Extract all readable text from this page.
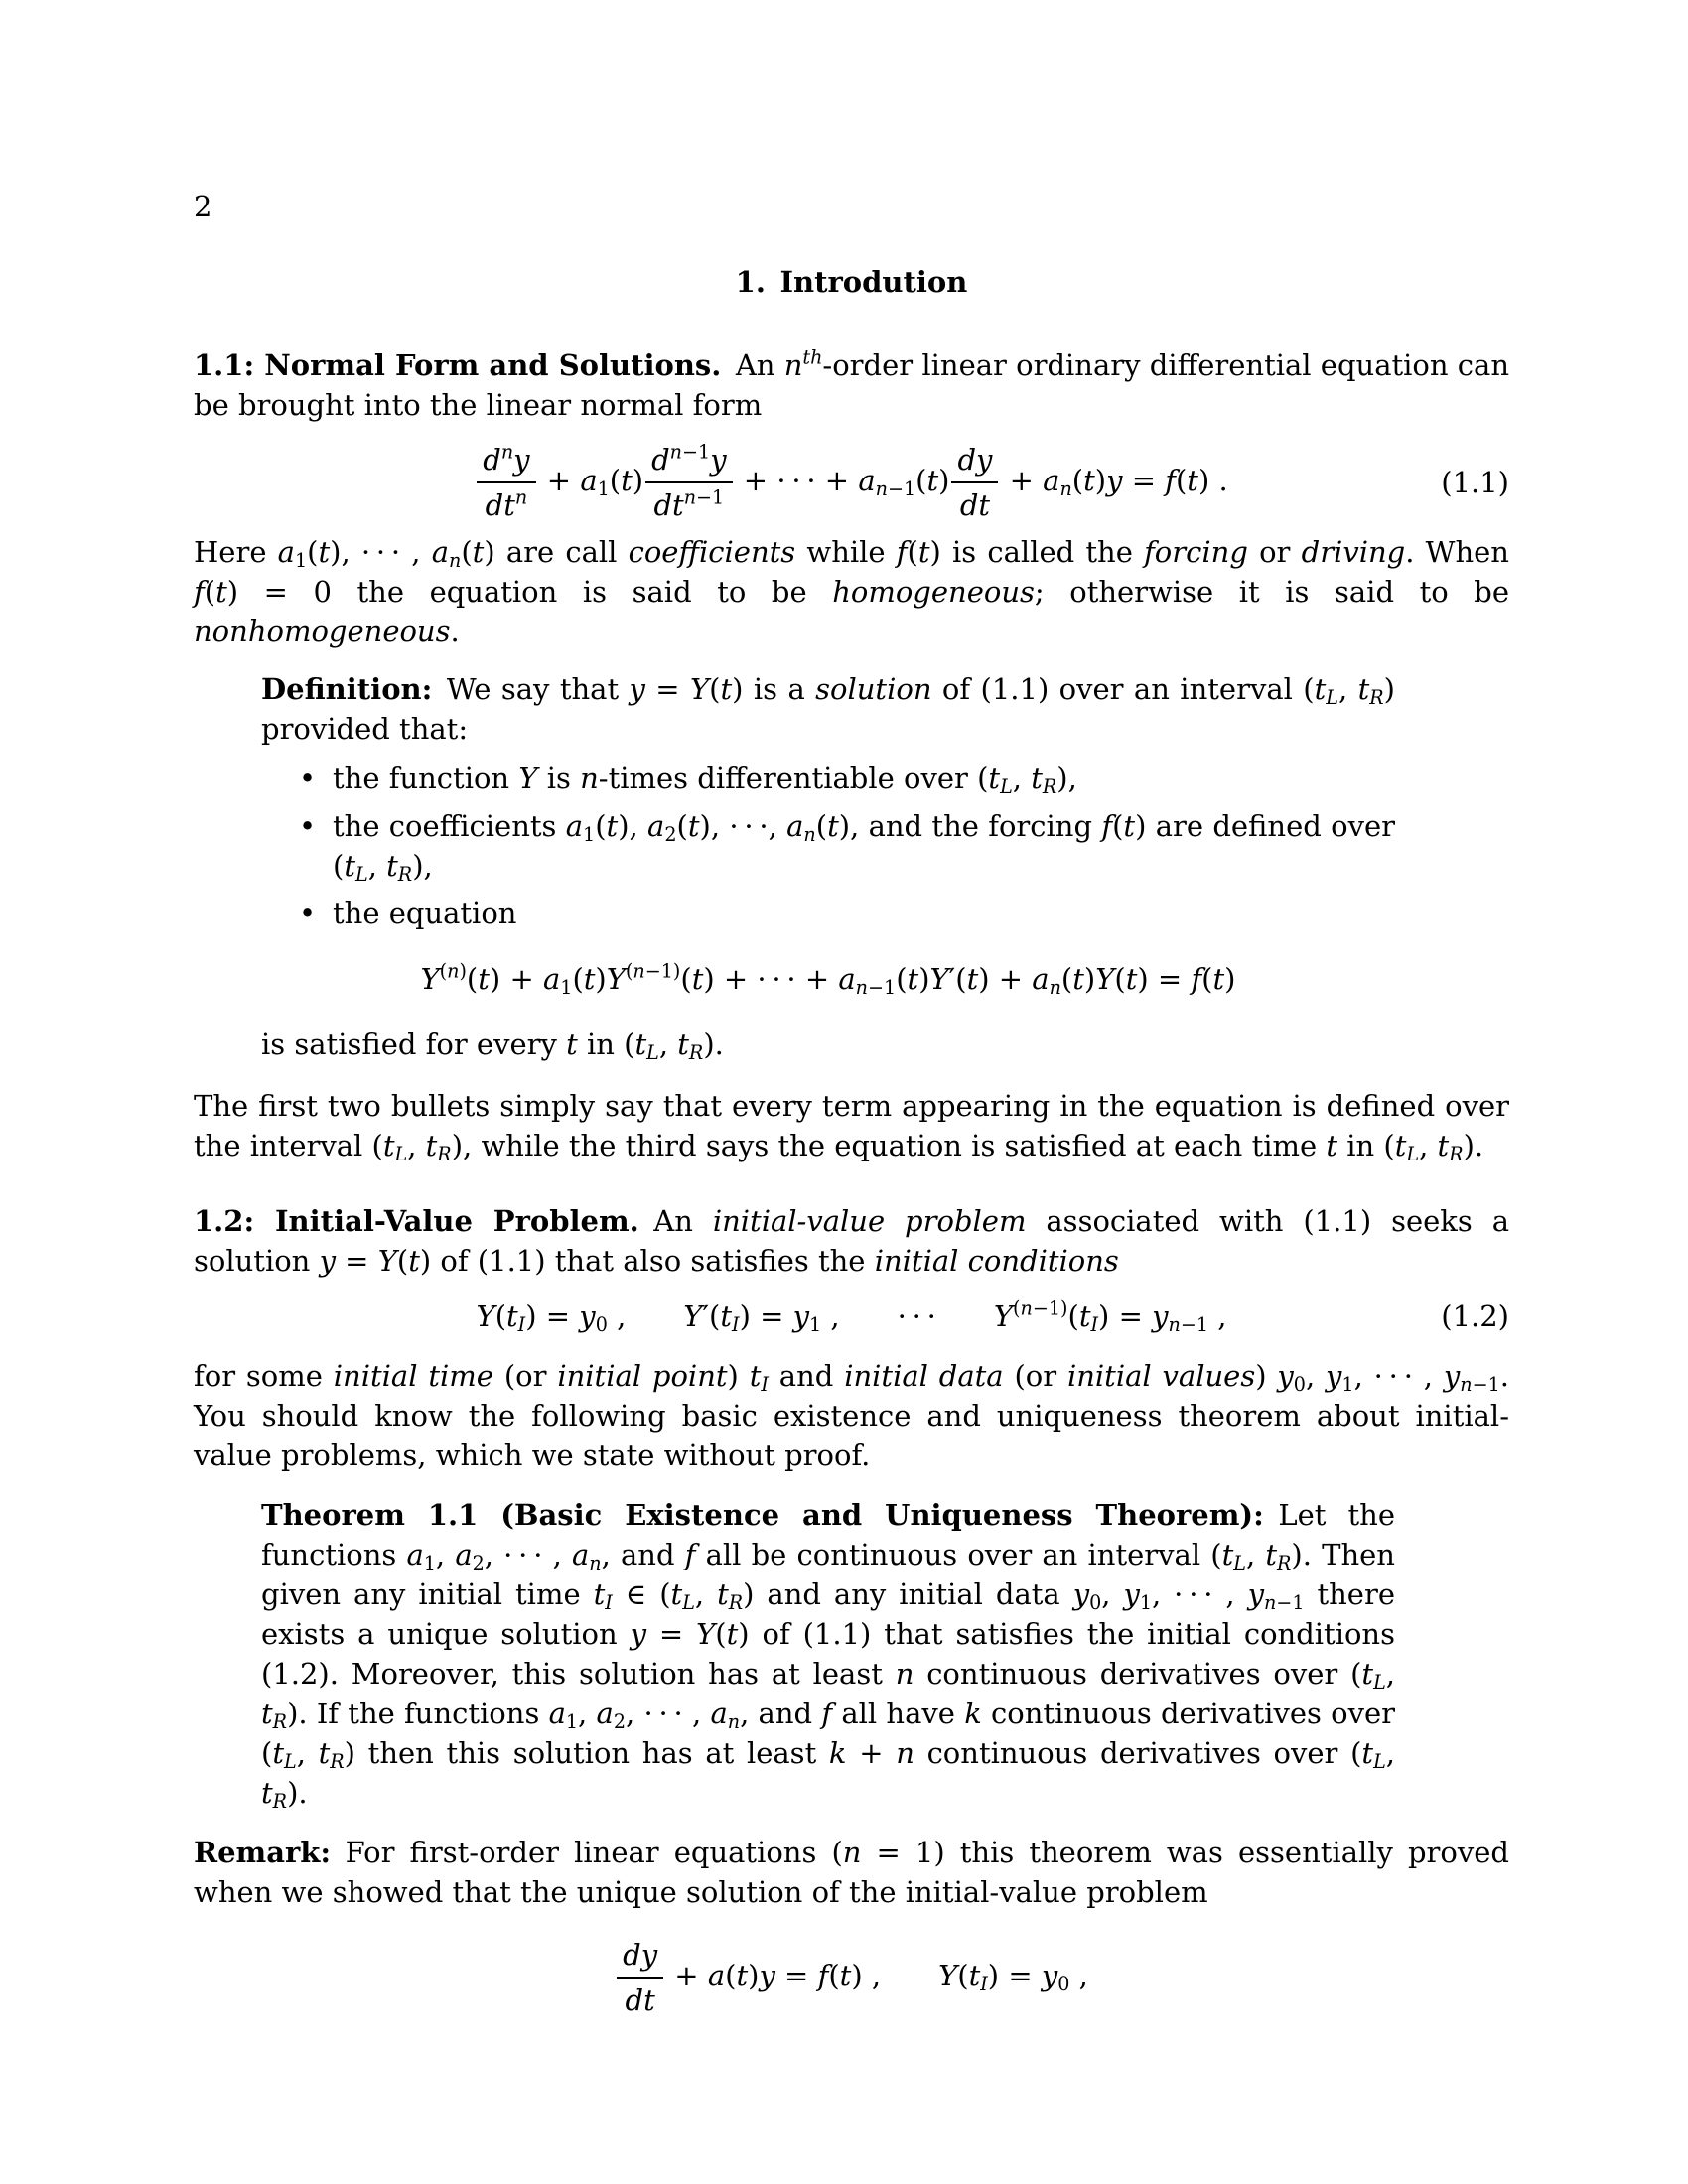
2
1. Introdution

1.1: Normal Form and Solutions. An $n^{th}$-order linear ordinary differential equation can be brought into the linear normal form

$\frac{d^ny}{dt^n} + a_1(t) \frac{d^{n-1}y}{dt^{n-1}}$ + · · · + $a_{n-1}(t) \frac{dy}{dt} + a_n(t)y = f(t)$ .	(1.1)

Here $a_1(t)$, · · · , $a_n(t)$ are call coefficients while f(t) is called the forcing or driving. When f(t) = 0 the equation is said to be homogeneous; otherwise it is said to be nonhomogeneous.

Definition: We say that y = Y(t) is a solution of (1.1) over an interval ($t_L$, $t_R$) provided that:

• the function Y is n-times differentiable over ($t_L$, $t_R$),
• the coefficients $a_1(t)$, $a_2(t)$, · · ·, $a_n(t)$, and the forcing f(t) are defined over ($t_L$, $t_R$),
• the equation
$Y^{(n)}(t) + a_1(t)Y^{(n-1)}(t)$ + · · · + $a_{n-1}(t)Y'(t) + a_n(t)Y(t) = f(t)$

is satisfied for every t in ($t_L$, $t_R$).

The first two bullets simply say that every term appearing in the equation is defined over the interval ($t_L$, $t_R$), while the third says the equation is satisfied at each time t in ($t_L$, $t_R$).

1.2: Initial-Value Problem. An initial-value problem associated with (1.1) seeks a solution y = Y(t) of (1.1) that also satisfies the initial conditions

$Y(t_I) = y_0$ ,  $Y'(t_I) = y_1$ ,  · · ·  $Y^{(n-1)}(t_I) = y_{n-1}$ ,	(1.2)

for some initial time (or initial point) $t_I$ and initial data (or initial values) $y_0$, $y_1$, · · · , $y_{n-1}$. You should know the following basic existence and uniqueness theorem about initial-value problems, which we state without proof.

Theorem 1.1 (Basic Existence and Uniqueness Theorem): Let the functions $a_1$, $a_2$, · · · , $a_n$, and f all be continuous over an interval ($t_L$, $t_R$). Then given any initial time $t_I$ ∈ ($t_L$, $t_R$) and any initial data $y_0$, $y_1$, · · · , $y_{n-1}$ there exists a unique solution y = Y(t) of (1.1) that satisfies the initial conditions (1.2). Moreover, this solution has at least n continuous derivatives over ($t_L$, $t_R$). If the functions $a_1$, $a_2$, · · · , $a_n$, and f all have k continuous derivatives over ($t_L$, $t_R$) then this solution has at least k + n continuous derivatives over ($t_L$, $t_R$).

Remark: For first-order linear equations (n = 1) this theorem was essentially proved when we showed that the unique solution of the initial-value problem

$\frac{dy}{dt} + a(t)y = f(t)$ ,  $Y(t_I) = y_0$ ,
